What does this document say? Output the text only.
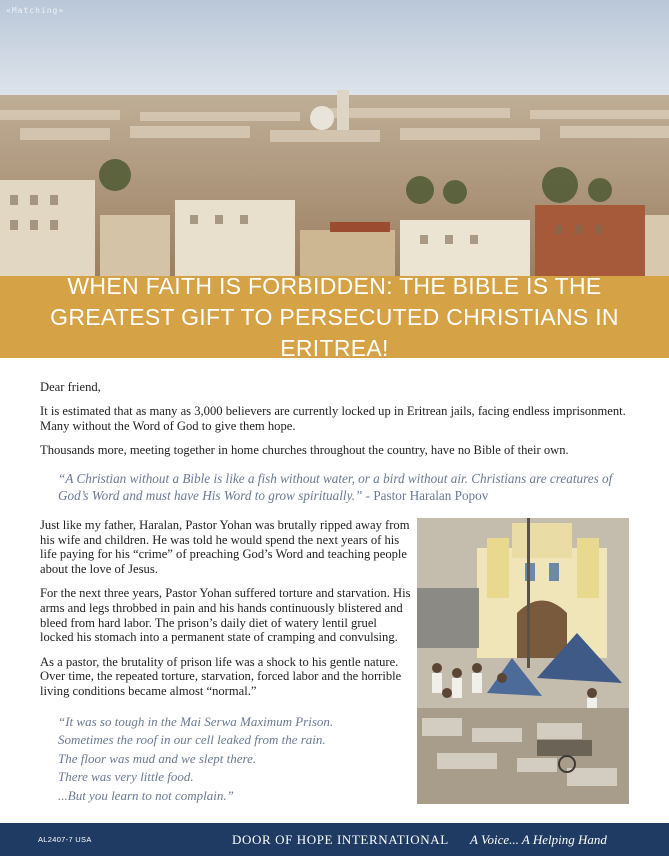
«Matching»
WHEN FAITH IS FORBIDDEN: THE BIBLE IS THE GREATEST GIFT TO PERSECUTED CHRISTIANS IN ERITREA!

Dear friend,

It is estimated that as many as 3,000 believers are currently locked up in Eritrean jails, facing endless imprisonment. Many without the Word of God to give them hope.

Thousands more, meeting together in home churches throughout the country, have no Bible of their own.

“A Christian without a Bible is like a fish without water, or a bird without air. Christians are creatures of God’s Word and must have His Word to grow spiritually.” - Pastor Haralan Popov

Just like my father, Haralan, Pastor Yohan was brutally ripped away from his wife and children. He was told he would spend the next years of his life paying for his “crime” of preaching God’s Word and teaching people about the love of Jesus.

For the next three years, Pastor Yohan suffered torture and starvation. His arms and legs throbbed in pain and his hands continuously blistered and bleed from hard labor. The prison’s daily diet of watery lentil gruel locked his stomach into a permanent state of cramping and convulsing.

As a pastor, the brutality of prison life was a shock to his gentle nature. Over time, the repeated torture, starvation, forced labor and the horrible living conditions became almost “normal.”

“It was so tough in the Mai Serwa Maximum Prison.
Sometimes the roof in our cell leaked from the rain.
The floor was mud and we slept there.
There was very little food.
...But you learn to not complain.”
AL2407-7 USA	DOOR OF HOPE INTERNATIONAL A Voice... A Helping Hand
